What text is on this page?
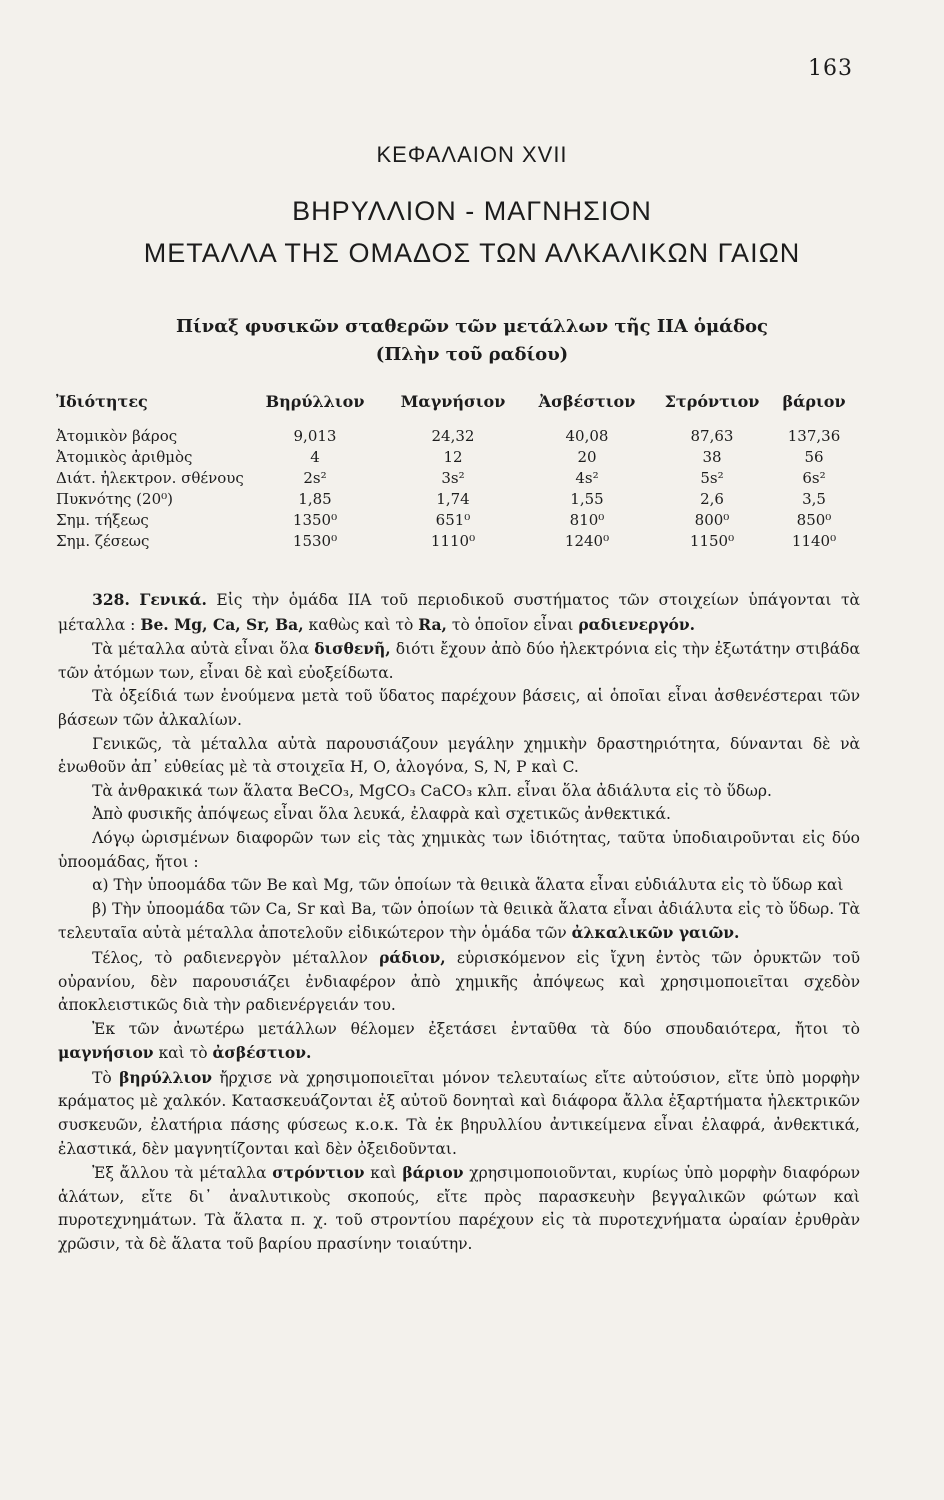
163
ΚΕΦΑΛΑΙΟΝ XVII
ΒΗΡΥΛΛΙΟΝ - ΜΑΓΝΗΣΙΟΝ
ΜΕΤΑΛΛΑ ΤΗΣ ΟΜΑΔΟΣ ΤΩΝ ΑΛΚΑΛΙΚΩΝ ΓΑΙΩΝ
Πίναξ φυσικῶν σταθερῶν τῶν μετάλλων τῆς ΙΙΑ ὁμάδος
(Πλὴν τοῦ ραδίου)
Ἰδιότητες	Βηρύλλιον	Μαγνήσιον	Ἀσβέστιον	Στρόντιον	βάριον
Ἀτομικὸν βάρος	9,013	24,32	40,08	87,63	137,36
Ἀτομικὸς ἀριθμὸς	4	12	20	38	56
Διάτ. ἠλεκτρον. σθένους	2s²	3s²	4s²	5s²	6s²
Πυκνότης (20⁰)	1,85	1,74	1,55	2,6	3,5
Σημ. τήξεως	1350⁰	651⁰	810⁰	800⁰	850⁰
Σημ. ζέσεως	1530⁰	1110⁰	1240⁰	1150⁰	1140⁰

328. Γενικά. Εἰς τὴν ὁμάδα ΙΙΑ τοῦ περιοδικοῦ συστήματος τῶν στοιχείων ὑπάγονται τὰ μέταλλα : Be. Mg, Ca, Sr, Ba, καθὼς καὶ τὸ Ra, τὸ ὁποῖον εἶναι ραδιενεργόν.

Τὰ μέταλλα αὐτὰ εἶναι ὅλα δισθενῆ, διότι ἔχουν ἀπὸ δύο ἠλεκτρόνια εἰς τὴν ἐξωτάτην στιβάδα τῶν ἀτόμων των, εἶναι δὲ καὶ εὐοξείδωτα.

Τὰ ὀξείδιά των ἑνούμενα μετὰ τοῦ ὕδατος παρέχουν βάσεις, αἱ ὁποῖαι εἶναι ἀσθενέστεραι τῶν βάσεων τῶν ἀλκαλίων.

Γενικῶς, τὰ μέταλλα αὐτὰ παρουσιάζουν μεγάλην χημικὴν δραστηριότητα, δύνανται δὲ νὰ ἑνωθοῦν ἀπ᾽ εὐθείας μὲ τὰ στοιχεῖα Η, Ο, ἀλογόνα, S, N, P καὶ C.

Τὰ ἀνθρακικά των ἅλατα BeCO₃, MgCO₃ CaCO₃ κλπ. εἶναι ὅλα ἀδιάλυτα εἰς τὸ ὕδωρ.

Ἀπὸ φυσικῆς ἀπόψεως εἶναι ὅλα λευκά, ἐλαφρὰ καὶ σχετικῶς ἀνθεκτικά.

Λόγῳ ὡρισμένων διαφορῶν των εἰς τὰς χημικὰς των ἰδιότητας, ταῦτα ὑποδιαιροῦνται εἰς δύο ὑποομάδας, ἤτοι :

α) Τὴν ὑποομάδα τῶν Be καὶ Mg, τῶν ὁποίων τὰ θειικὰ ἅλατα εἶναι εὐδιάλυτα εἰς τὸ ὕδωρ καὶ

β) Τὴν ὑποομάδα τῶν Ca, Sr καὶ Ba, τῶν ὁποίων τὰ θειικὰ ἅλατα εἶναι ἀδιάλυτα εἰς τὸ ὕδωρ. Τὰ τελευταῖα αὐτὰ μέταλλα ἀποτελοῦν εἰδικώτερον τὴν ὁμάδα τῶν ἀλκαλικῶν γαιῶν.

Τέλος, τὸ ραδιενεργὸν μέταλλον ράδιον, εὑρισκόμενον εἰς ἴχνη ἐντὸς τῶν ὀρυκτῶν τοῦ οὐρανίου, δὲν παρουσιάζει ἐνδιαφέρον ἀπὸ χημικῆς ἀπόψεως καὶ χρησιμοποιεῖται σχεδὸν ἀποκλειστικῶς διὰ τὴν ραδιενέργειάν του.

Ἐκ τῶν ἀνωτέρω μετάλλων θέλομεν ἐξετάσει ἐνταῦθα τὰ δύο σπουδαιότερα, ἤτοι τὸ μαγνήσιον καὶ τὸ ἀσβέστιον.

Τὸ βηρύλλιον ἤρχισε νὰ χρησιμοποιεῖται μόνον τελευταίως εἴτε αὐτούσιον, εἴτε ὑπὸ μορφὴν κράματος μὲ χαλκόν. Κατασκευάζονται ἐξ αὐτοῦ δονηταὶ καὶ διάφορα ἄλλα ἐξαρτήματα ἠλεκτρικῶν συσκευῶν, ἐλατήρια πάσης φύσεως κ.ο.κ. Τὰ ἐκ βηρυλλίου ἀντικείμενα εἶναι ἐλαφρά, ἀνθεκτικά, ἐλαστικά, δὲν μαγνητίζονται καὶ δὲν ὀξειδοῦνται.

Ἐξ ἄλλου τὰ μέταλλα στρόντιον καὶ βάριον χρησιμοποιοῦνται, κυρίως ὑπὸ μορφὴν διαφόρων ἁλάτων, εἴτε δι᾽ ἀναλυτικοὺς σκοπούς, εἴτε πρὸς παρασκευὴν βεγγαλικῶν φώτων καὶ πυροτεχνημάτων. Τὰ ἅλατα π. χ. τοῦ στροντίου παρέχουν εἰς τὰ πυροτεχνήματα ὡραίαν ἐρυθρὰν χρῶσιν, τὰ δὲ ἅλατα τοῦ βαρίου πρασίνην τοιαύτην.
